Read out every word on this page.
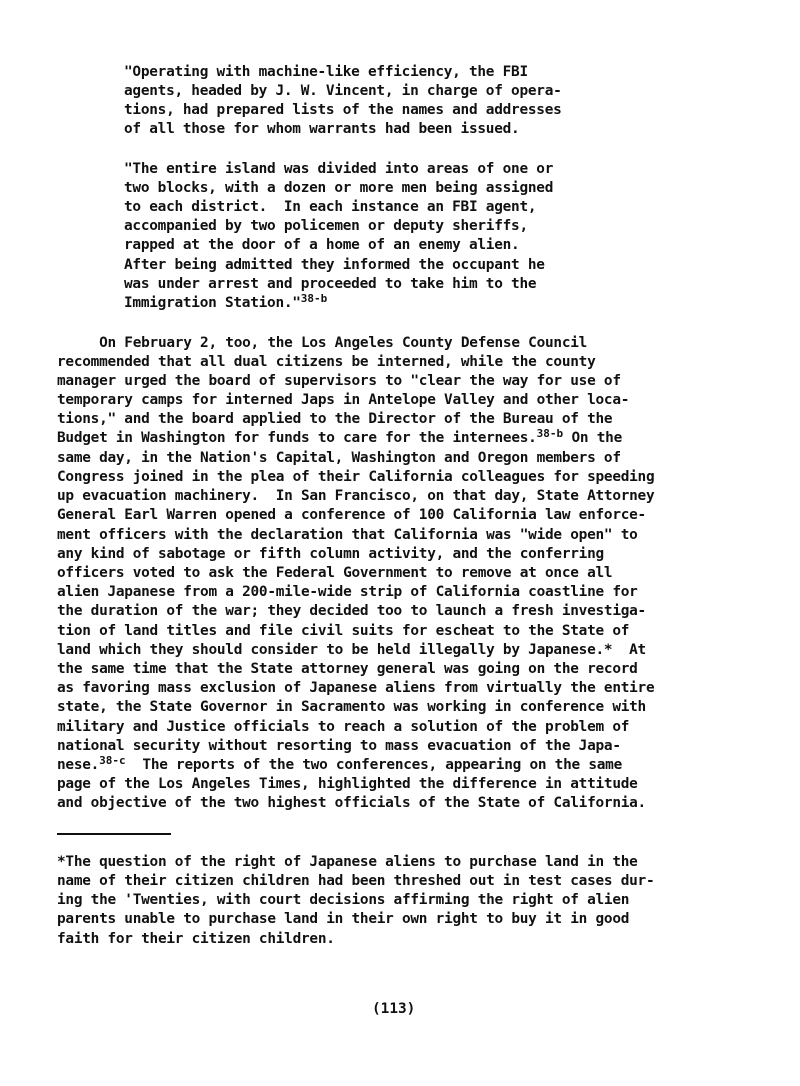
"Operating with machine-like efficiency, the FBI
agents, headed by J. W. Vincent, in charge of opera-
tions, had prepared lists of the names and addresses
of all those for whom warrants had been issued.
"The entire island was divided into areas of one or
two blocks, with a dozen or more men being assigned
to each district.  In each instance an FBI agent,
accompanied by two policemen or deputy sheriffs,
rapped at the door of a home of an enemy alien.
After being admitted they informed the occupant he
was under arrest and proceeded to take him to the
Immigration Station."$^{38-b}$
On February 2, too, the Los Angeles County Defense Council
recommended that all dual citizens be interned, while the county
manager urged the board of supervisors to "clear the way for use of
temporary camps for interned Japs in Antelope Valley and other loca-
tions," and the board applied to the Director of the Bureau of the
Budget in Washington for funds to care for the internees.$^{38-b}$ On the
same day, in the Nation's Capital, Washington and Oregon members of
Congress joined in the plea of their California colleagues for speeding
up evacuation machinery.  In San Francisco, on that day, State Attorney
General Earl Warren opened a conference of 100 California law enforce-
ment officers with the declaration that California was "wide open" to
any kind of sabotage or fifth column activity, and the conferring
officers voted to ask the Federal Government to remove at once all
alien Japanese from a 200-mile-wide strip of California coastline for
the duration of the war; they decided too to launch a fresh investiga-
tion of land titles and file civil suits for escheat to the State of
land which they should consider to be held illegally by Japanese.*  At
the same time that the State attorney general was going on the record
as favoring mass exclusion of Japanese aliens from virtually the entire
state, the State Governor in Sacramento was working in conference with
military and Justice officials to reach a solution of the problem of
national security without resorting to mass evacuation of the Japa-
nese.$^{38-c}$  The reports of the two conferences, appearing on the same
page of the Los Angeles Times, highlighted the difference in attitude
and objective of the two highest officials of the State of California.
*The question of the right of Japanese aliens to purchase land in the
name of their citizen children had been threshed out in test cases dur-
ing the 'Twenties, with court decisions affirming the right of alien
parents unable to purchase land in their own right to buy it in good
faith for their citizen children.
(113)
